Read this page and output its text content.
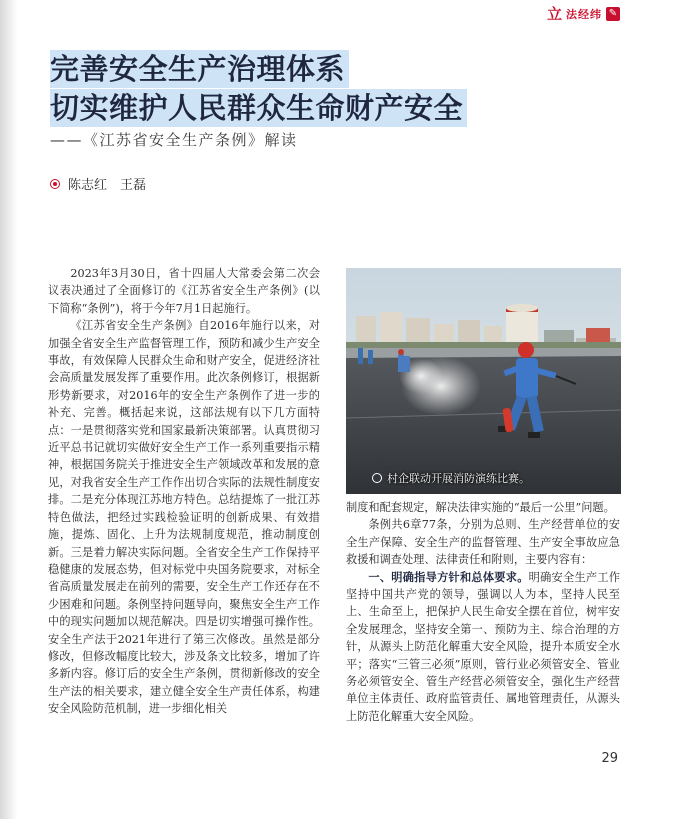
立 法经纬 ✎
完善安全生产治理体系
切实维护人民群众生命财产安全
——《江苏省安全生产条例》解读
陈志红　王磊

2023年3月30日，省十四届人大常委会第二次会议表决通过了全面修订的《江苏省安全生产条例》(以下简称“条例”)，将于今年7月1日起施行。

《江苏省安全生产条例》自2016年施行以来，对加强全省安全生产监督管理工作，预防和减少生产安全事故，有效保障人民群众生命和财产安全，促进经济社会高质量发展发挥了重要作用。此次条例修订，根据新形势新要求，对2016年的安全生产条例作了进一步的补充、完善。概括起来说，这部法规有以下几方面特点：一是贯彻落实党和国家最新决策部署。认真贯彻习近平总书记就切实做好安全生产工作一系列重要指示精神，根据国务院关于推进安全生产领域改革和发展的意见，对我省安全生产工作作出切合实际的法规性制度安排。二是充分体现江苏地方特色。总结提炼了一批江苏特色做法，把经过实践检验证明的创新成果、有效措施，提炼、固化、上升为法规制度规范，推动制度创新。三是着力解决实际问题。全省安全生产工作保持平稳健康的发展态势，但对标党中央国务院要求，对标全省高质量发展走在前列的需要，安全生产工作还存在不少困难和问题。条例坚持问题导向，聚焦安全生产工作中的现实问题加以规范解决。四是切实增强可操作性。安全生产法于2021年进行了第三次修改。虽然是部分修改，但修改幅度比较大，涉及条文比较多，增加了许多新内容。修订后的安全生产条例，贯彻新修改的安全生产法的相关要求，建立健全安全生产责任体系，构建安全风险防范机制，进一步细化相关

村企联动开展消防演练比赛。

制度和配套规定，解决法律实施的“最后一公里”问题。

条例共6章77条，分别为总则、生产经营单位的安全生产保障、安全生产的监督管理、生产安全事故应急救援和调查处理、法律责任和附则，主要内容有：

一、明确指导方针和总体要求。明确安全生产工作坚持中国共产党的领导，强调以人为本，坚持人民至上、生命至上，把保护人民生命安全摆在首位，树牢安全发展理念，坚持安全第一、预防为主、综合治理的方针，从源头上防范化解重大安全风险，提升本质安全水平；落实“三管三必须”原则，管行业必须管安全、管业务必须管安全、管生产经营必须管安全，强化生产经营单位主体责任、政府监管责任、属地管理责任，从源头上防范化解重大安全风险。

29
